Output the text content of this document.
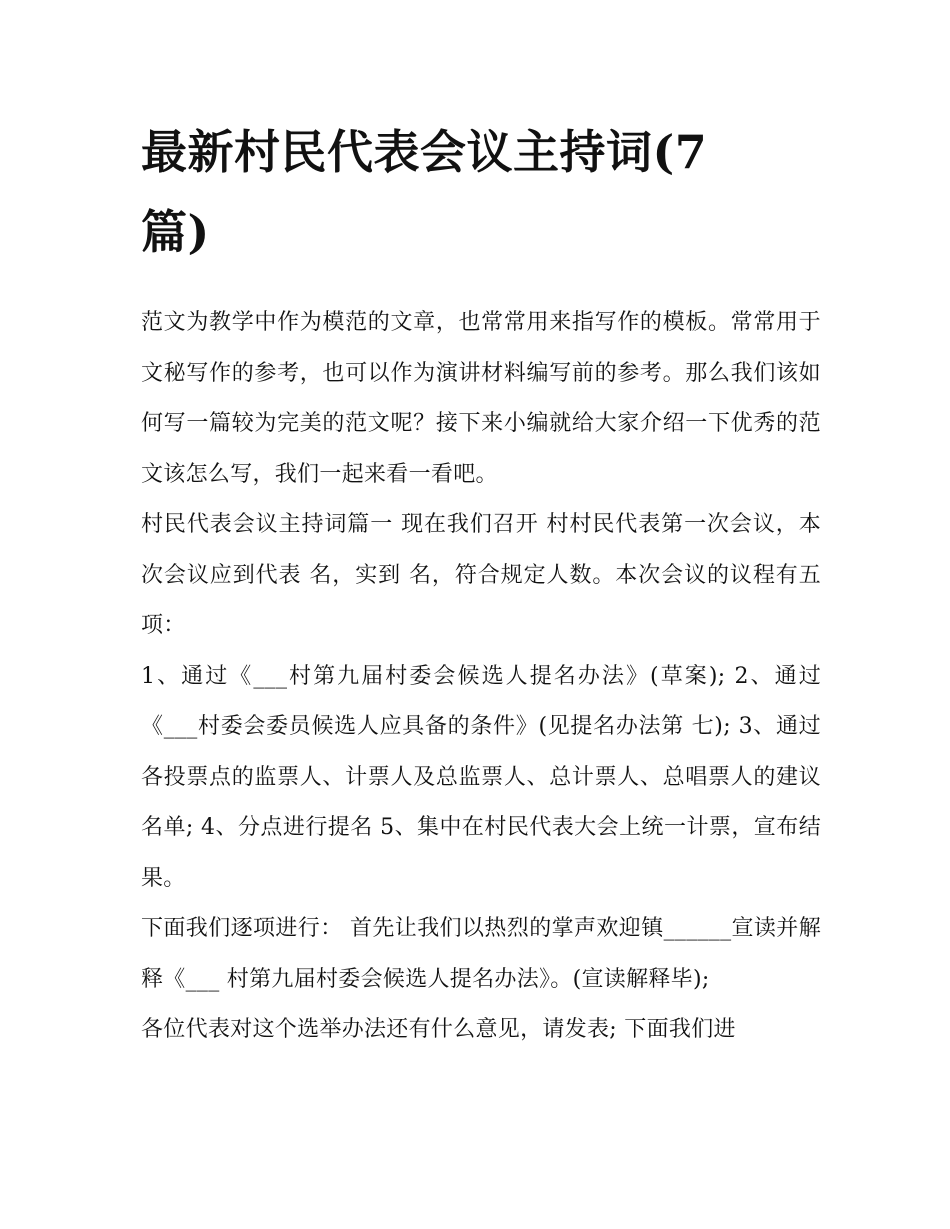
最新村民代表会议主持词(7篇)

范文为教学中作为模范的文章，也常常用来指写作的模板。常常用于文秘写作的参考，也可以作为演讲材料编写前的参考。那么我们该如何写一篇较为完美的范文呢？接下来小编就给大家介绍一下优秀的范文该怎么写，我们一起来看一看吧。

村民代表会议主持词篇一 现在我们召开 村村民代表第一次会议，本次会议应到代表 名，实到 名，符合规定人数。本次会议的议程有五项：

1、通过《___村第九届村委会候选人提名办法》(草案); 2、通过《___村委会委员候选人应具备的条件》(见提名办法第 七); 3、通过各投票点的监票人、计票人及总监票人、总计票人、总唱票人的建议名单; 4、分点进行提名 5、集中在村民代表大会上统一计票，宣布结果。

下面我们逐项进行： 首先让我们以热烈的掌声欢迎镇______宣读并解释《___ 村第九届村委会候选人提名办法》。(宣读解释毕);

各位代表对这个选举办法还有什么意见，请发表; 下面我们进
